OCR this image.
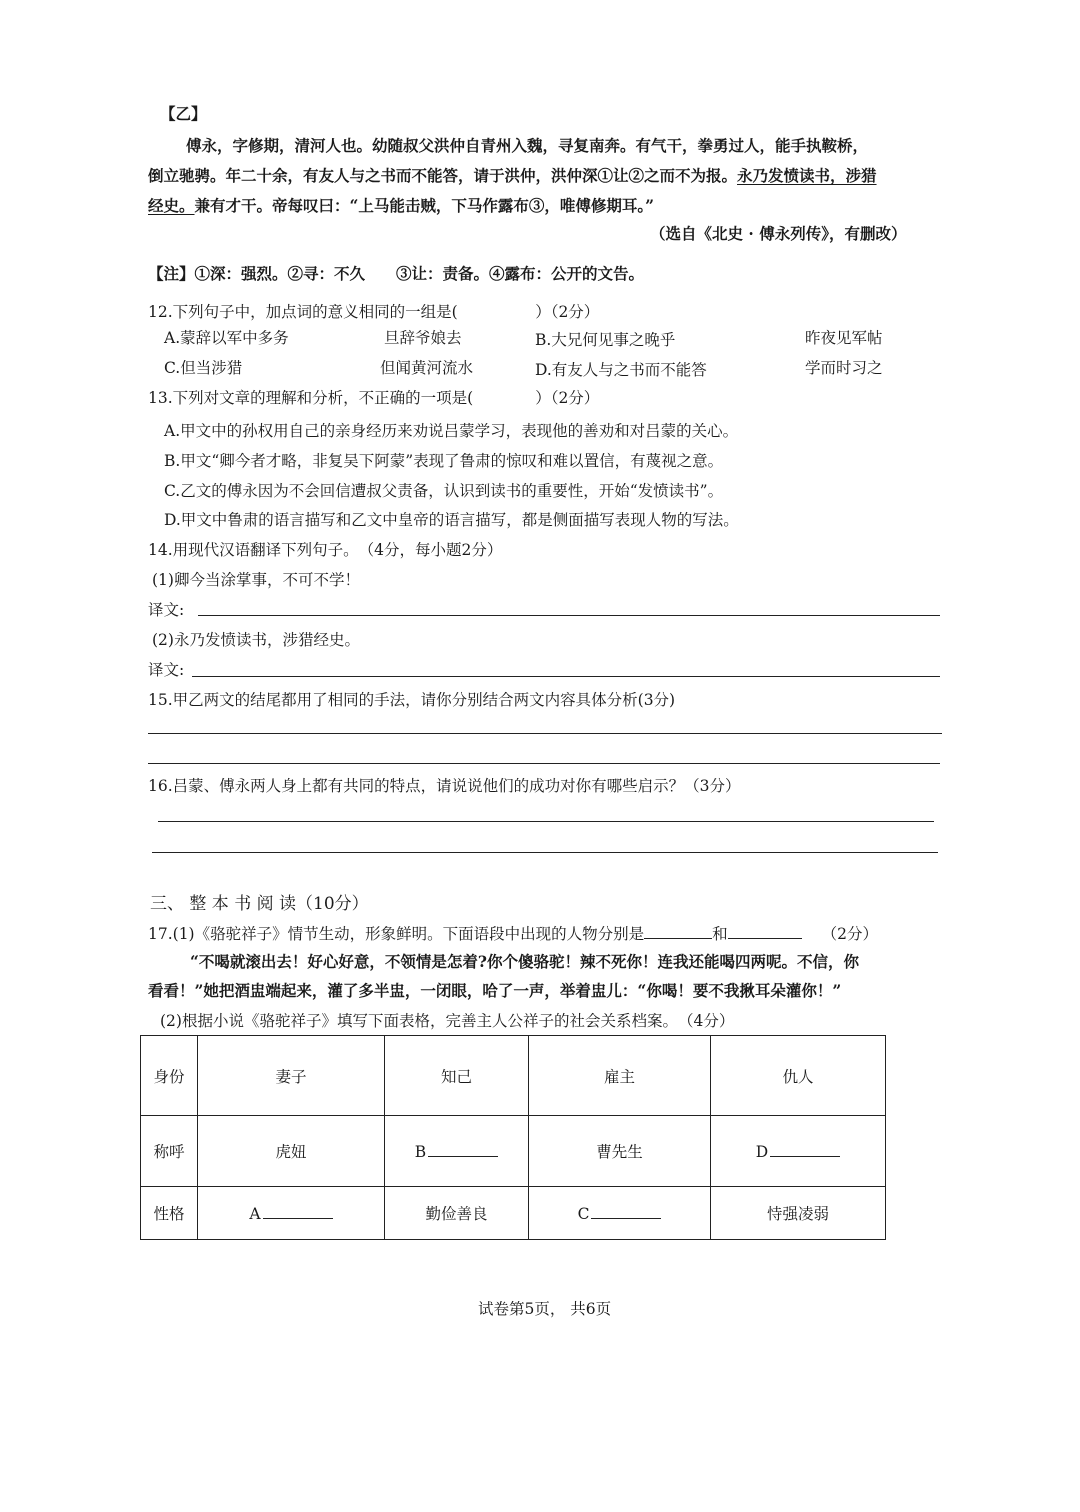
【乙】
傅永，字修期，清河人也。幼随叔父洪仲自青州入魏，寻复南奔。有气干，拳勇过人，能手执鞍桥，
倒立驰骋。年二十余，有友人与之书而不能答，请于洪仲，洪仲深①让②之而不为报。永乃发愤读书，涉猎
经史。兼有才干。帝每叹曰：“上马能击贼，下马作露布③，唯傅修期耳。”
（选自《北史 · 傅永列传》，有删改）
【注】①深：强烈。②寻：不久　　③让：责备。④露布：公开的文告。
12.下列句子中，加点词的意义相同的一组是(　　　　　）（2分）
A.蒙辞以军中多务	旦辞爷娘去	B.大兄何见事之晚乎	昨夜见军帖
C.但当涉猎	但闻黄河流水	D.有友人与之书而不能答	学而时习之
13.下列对文章的理解和分析，不正确的一项是(　　　　）（2分）
A.甲文中的孙权用自己的亲身经历来劝说吕蒙学习，表现他的善劝和对吕蒙的关心。
B.甲文“卿今者才略，非复吴下阿蒙”表现了鲁肃的惊叹和难以置信，有蔑视之意。
C.乙文的傅永因为不会回信遭叔父责备，认识到读书的重要性，开始“发愤读书”。
D.甲文中鲁肃的语言描写和乙文中皇帝的语言描写，都是侧面描写表现人物的写法。
14.用现代汉语翻译下列句子。　（4分，每小题2分）
(1)卿今当涂掌事，不可不学！
译文:
(2)永乃发愤读书，涉猎经史。
译文:
15.甲乙两文的结尾都用了相同的手法，请你分别结合两文内容具体分析(3分)
16.吕蒙、傅永两人身上都有共同的特点，请说说他们的成功对你有哪些启示？（3分）
三、 整 本 书 阅 读（10分）
17.(1)《骆驼祥子》情节生动，形象鲜明。下面语段中出现的人物分别是	和	（2分）
“不喝就滚出去！好心好意，不领情是怎着?你个傻骆驼！辣不死你！连我还能喝四两呢。不信，你
看看！”她把酒盅端起来，灌了多半盅，一闭眼，哈了一声，举着盅儿：“你喝！要不我揪耳朵灌你！”
(2)根据小说《骆驼祥子》填写下面表格，完善主人公祥子的社会关系档案。　（4分）
身份	妻子	知己	雇主	仇人
称呼	虎妞	B	曹先生	D
性格	A	勤俭善良	C	恃强凌弱
试卷第5页， 共6页
